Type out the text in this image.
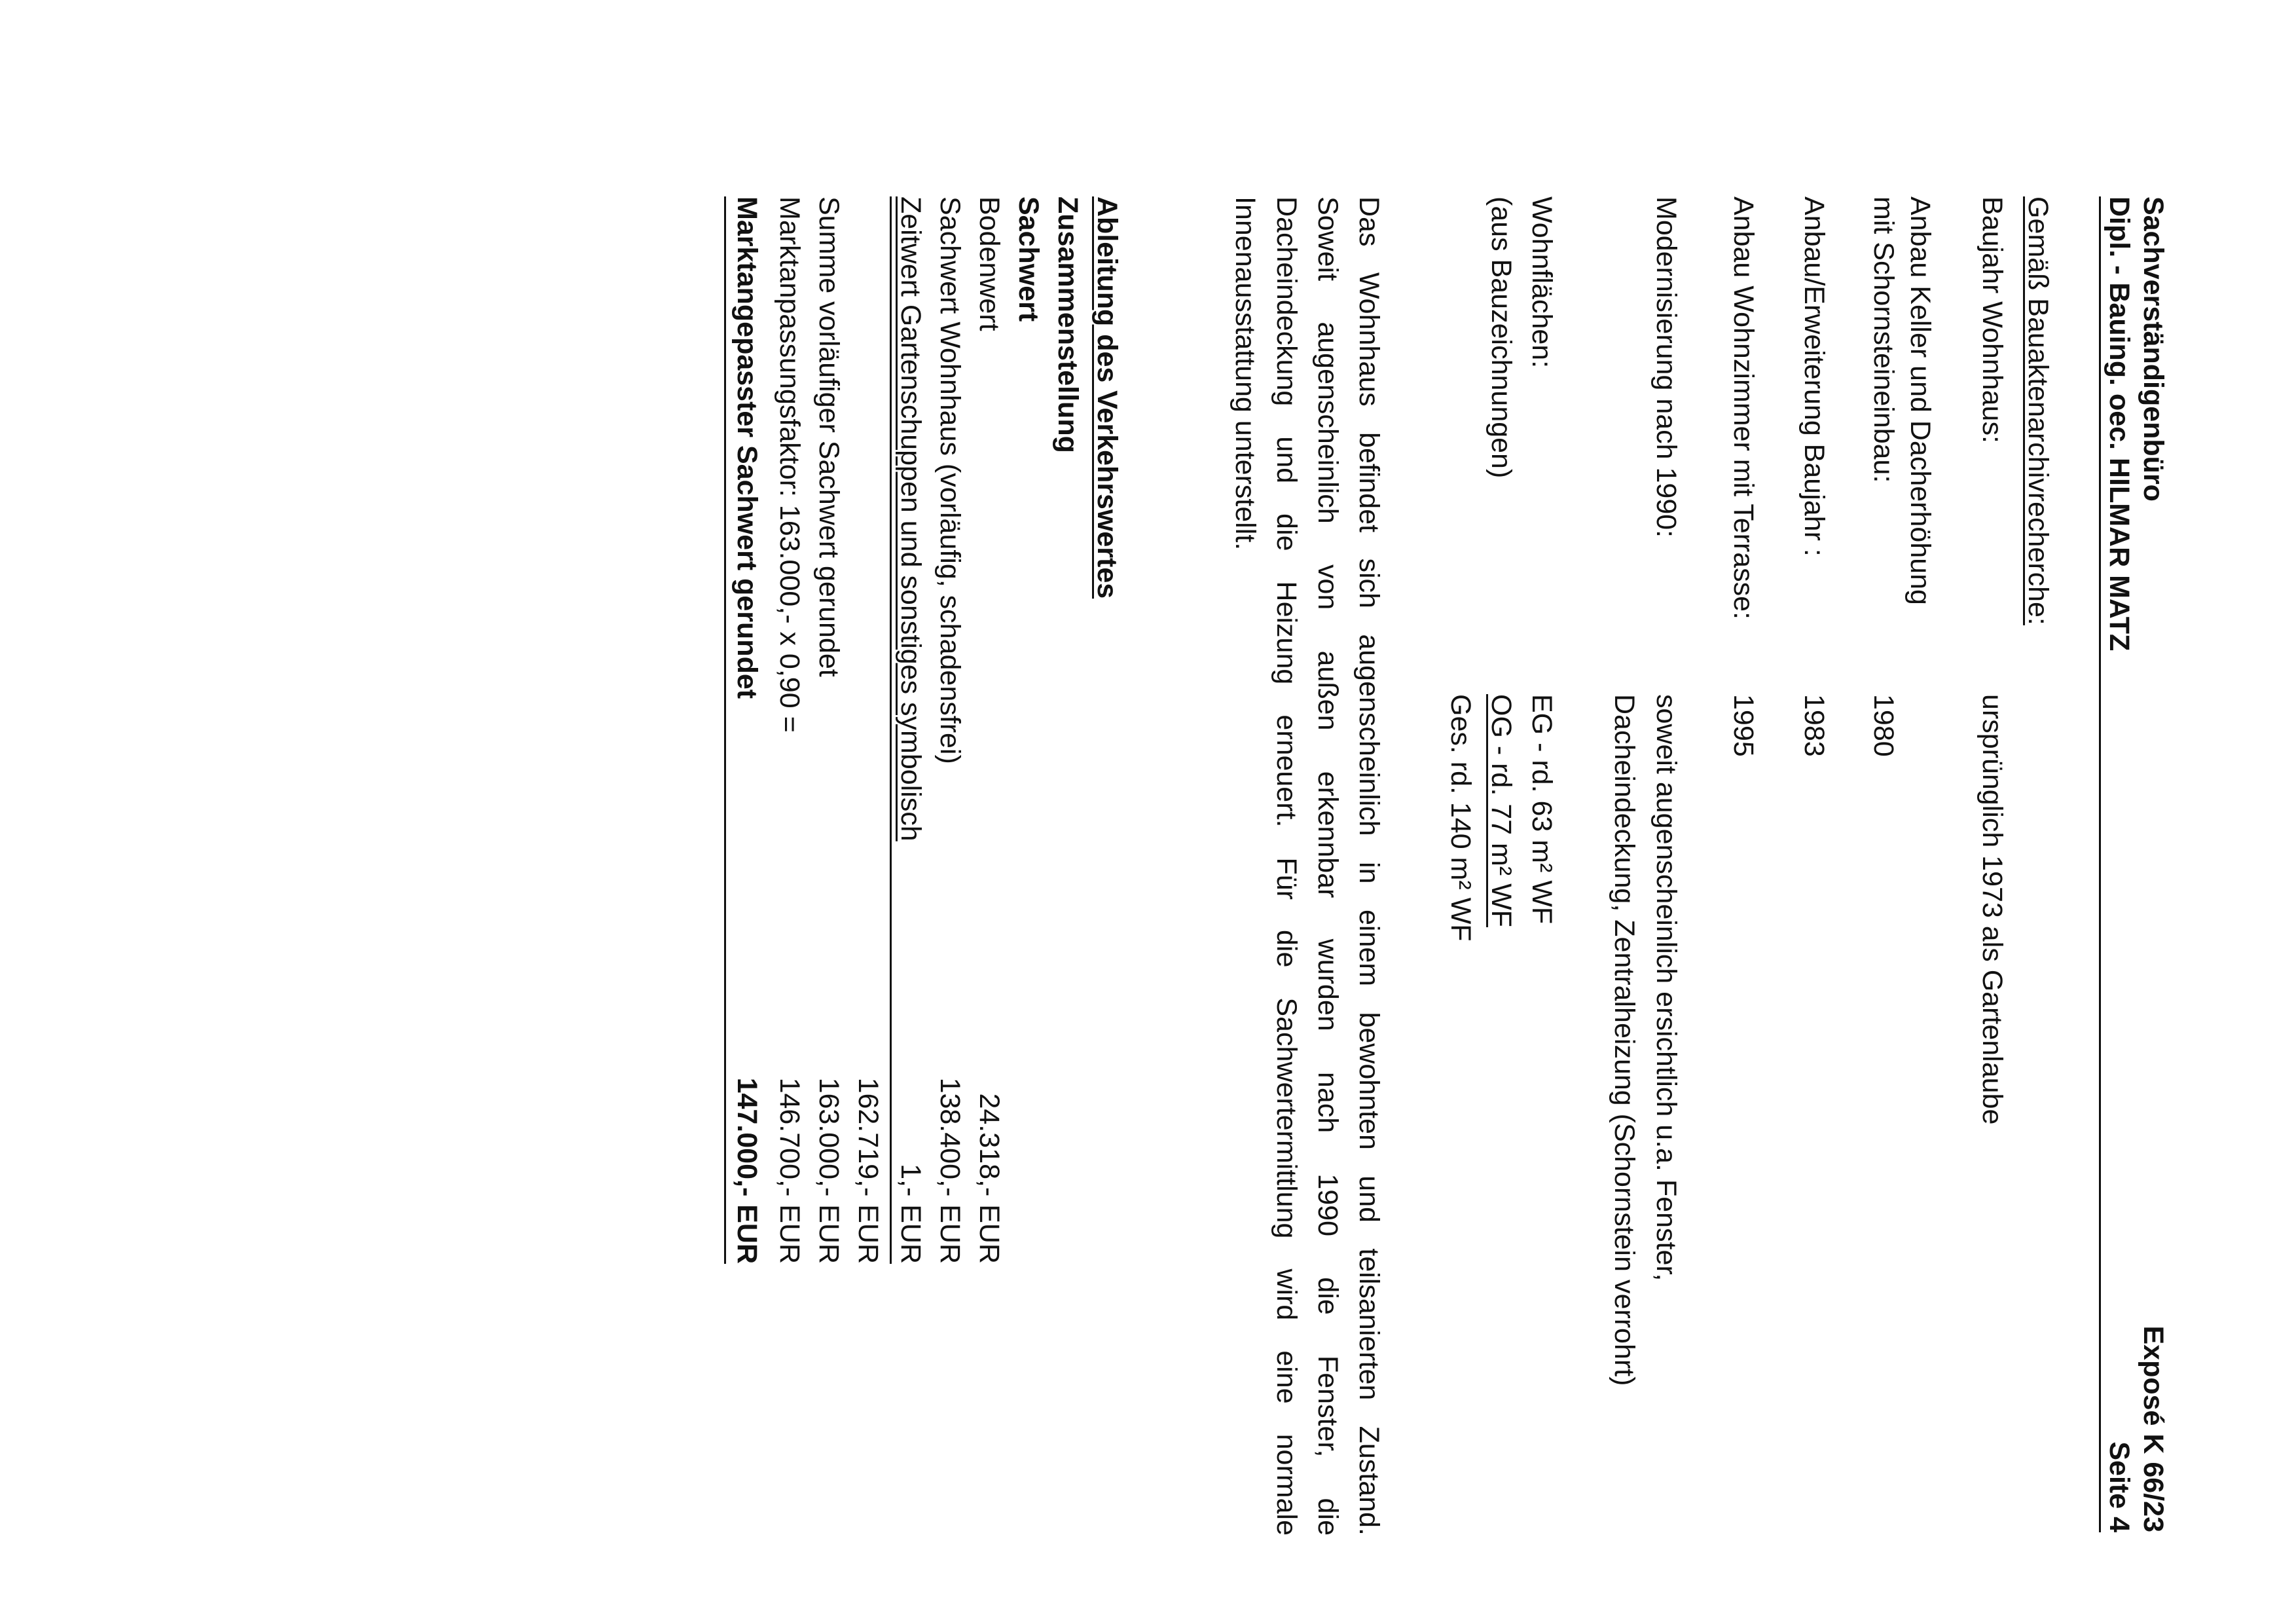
Sachverständigenbüro
Dipl. - Bauing. oec. HILMAR MATZ
Exposé K 66/23
Seite 4
Gemäß Bauaktenarchivrecherche:
Baujahr Wohnhaus:
ursprünglich 1973 als Gartenlaube
Anbau Keller und Dacherhöhung
mit Schornsteineinbau:
1980
Anbau/Erweiterung Baujahr :
1983
Anbau Wohnzimmer mit Terrasse:
1995
Modernisierung nach 1990:
soweit augenscheinlich ersichtlich u.a. Fenster,
Dacheindeckung, Zentralheizung (Schornstein verrohrt)
Wohnflächen:
(aus Bauzeichnungen)
EG - rd. 63 m² WF
OG - rd. 77 m² WF
Ges. rd. 140 m² WF
Das Wohnhaus befindet sich augenscheinlich in einem bewohnten und teilsanierten Zustand.
Soweit augenscheinlich von außen erkennbar wurden nach 1990 die Fenster, die
Dacheindeckung und die Heizung erneuert. Für die Sachwertermittlung wird eine normale
Innenausstattung unterstellt.
Ableitung des Verkehrswertes
Zusammenstellung
Sachwert
Bodenwert
24.318,- EUR
Sachwert Wohnhaus (vorläufig, schadensfrei)
138.400,- EUR
Zeitwert Gartenschuppen und sonstiges symbolisch
1,- EUR
162.719,- EUR
Summe vorläufiger Sachwert gerundet
163.000,- EUR
Marktanpassungsfaktor: 163.000,- x 0,90 =
146.700,- EUR
Marktangepasster Sachwert gerundet
147.000,- EUR
